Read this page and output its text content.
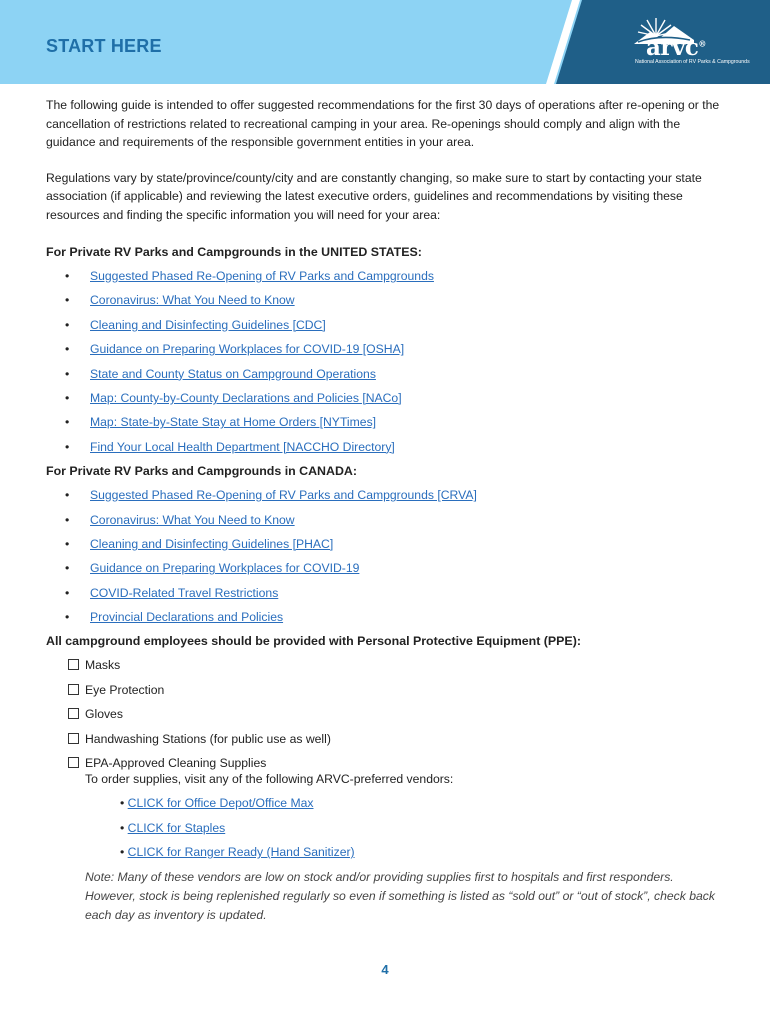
START HERE	arvc®
National Association of RV Parks & Campgrounds

The following guide is intended to offer suggested recommendations for the first 30 days of operations after re-opening or the cancellation of restrictions related to recreational camping in your area. Re-openings should comply and align with the guidance and requirements of the responsible government entities in your area.

Regulations vary by state/province/county/city and are constantly changing, so make sure to start by contacting your state association (if applicable) and reviewing the latest executive orders, guidelines and recommendations by visiting these resources and finding the specific information you will need for your area:

For Private RV Parks and Campgrounds in the UNITED STATES:
• Suggested Phased Re-Opening of RV Parks and Campgrounds
• Coronavirus: What You Need to Know
• Cleaning and Disinfecting Guidelines [CDC]
• Guidance on Preparing Workplaces for COVID-19 [OSHA]
• State and County Status on Campground Operations
• Map: County-by-County Declarations and Policies [NACo]
• Map: State-by-State Stay at Home Orders [NYTimes]
• Find Your Local Health Department [NACCHO Directory]
For Private RV Parks and Campgrounds in CANADA:
• Suggested Phased Re-Opening of RV Parks and Campgrounds [CRVA]
• Coronavirus: What You Need to Know
• Cleaning and Disinfecting Guidelines [PHAC]
• Guidance on Preparing Workplaces for COVID-19
• COVID-Related Travel Restrictions
• Provincial Declarations and Policies
All campground employees should be provided with Personal Protective Equipment (PPE):
Masks
Eye Protection
Gloves
Handwashing Stations (for public use as well)
EPA-Approved Cleaning Supplies
To order supplies, visit any of the following ARVC-preferred vendors:
• CLICK for Office Depot/Office Max
• CLICK for Staples
• CLICK for Ranger Ready (Hand Sanitizer)
Note: Many of these vendors are low on stock and/or providing supplies first to hospitals and first responders. However, stock is being replenished regularly so even if something is listed as “sold out” or “out of stock”, check back each day as inventory is updated.
4
